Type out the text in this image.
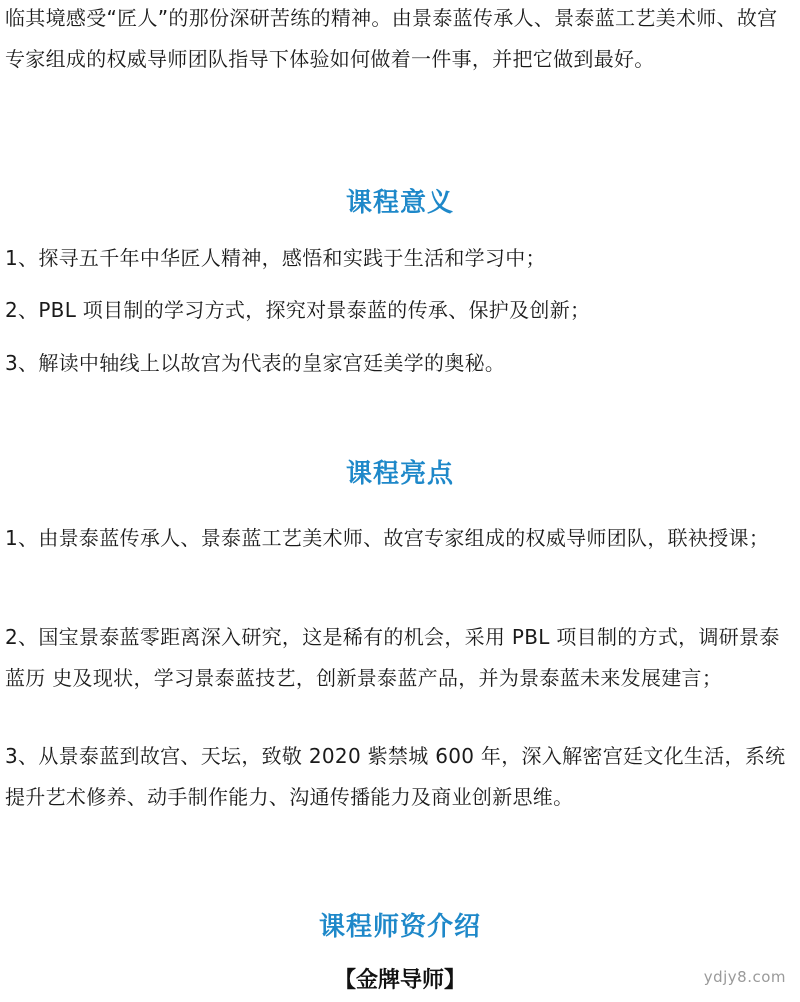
临其境感受“匠人”的那份深研苦练的精神。由景泰蓝传承人、景泰蓝工艺美术师、故宫专家组成的权威导师团队指导下体验如何做着一件事，并把它做到最好。

课程意义

1、探寻五千年中华匠人精神，感悟和实践于生活和学习中；

2、PBL 项目制的学习方式，探究对景泰蓝的传承、保护及创新；

3、解读中轴线上以故宫为代表的皇家宫廷美学的奥秘。

课程亮点

1、由景泰蓝传承人、景泰蓝工艺美术师、故宫专家组成的权威导师团队，联袂授课；

2、国宝景泰蓝零距离深入研究，这是稀有的机会，采用 PBL 项目制的方式，调研景泰蓝历 史及现状，学习景泰蓝技艺，创新景泰蓝产品，并为景泰蓝未来发展建言；

3、从景泰蓝到故宫、天坛，致敬 2020 紫禁城 600 年，深入解密宫廷文化生活，系统提升艺术修养、动手制作能力、沟通传播能力及商业创新思维。

课程师资介绍

【金牌导师】	ydjy8.com
